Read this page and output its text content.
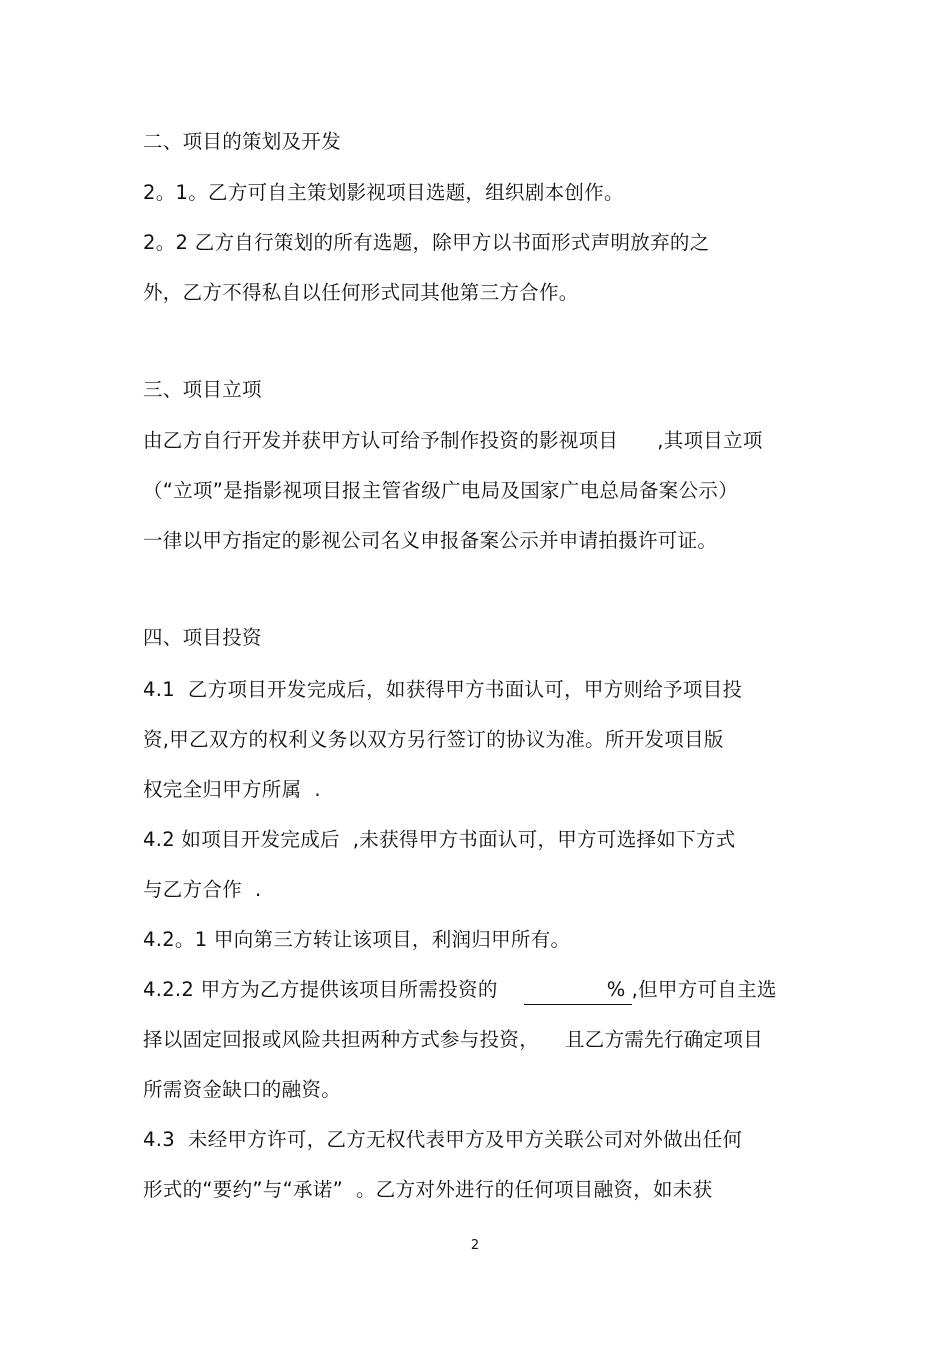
二、项目的策划及开发
2。1。乙方可自主策划影视项目选题，组织剧本创作。
2。2 乙方自行策划的所有选题，除甲方以书面形式声明放弃的之
外，乙方不得私自以任何形式同其他第三方合作。
三、项目立项
由乙方自行开发并获甲方认可给予制作投资的影视项目      ,其项目立项
（“立项”是指影视项目报主管省级广电局及国家广电总局备案公示）
一律以甲方指定的影视公司名义申报备案公示并申请拍摄许可证。
四、项目投资
4.1  乙方项目开发完成后，如获得甲方书面认可，甲方则给予项目投
资,甲乙双方的权利义务以双方另行签订的协议为准。所开发项目版
权完全归甲方所属  .
4.2 如项目开发完成后  ,未获得甲方书面认可，甲方可选择如下方式
与乙方合作  .
4.2。1 甲向第三方转让该项目，利润归甲所有。
4.2.2 甲方为乙方提供该项目所需投资的	% ,但甲方可自主选
择以固定回报或风险共担两种方式参与投资，    且乙方需先行确定项目
所需资金缺口的融资。
4.3  未经甲方许可，乙方无权代表甲方及甲方关联公司对外做出任何
形式的“要约”与“承诺”  。乙方对外进行的任何项目融资，如未获
2
